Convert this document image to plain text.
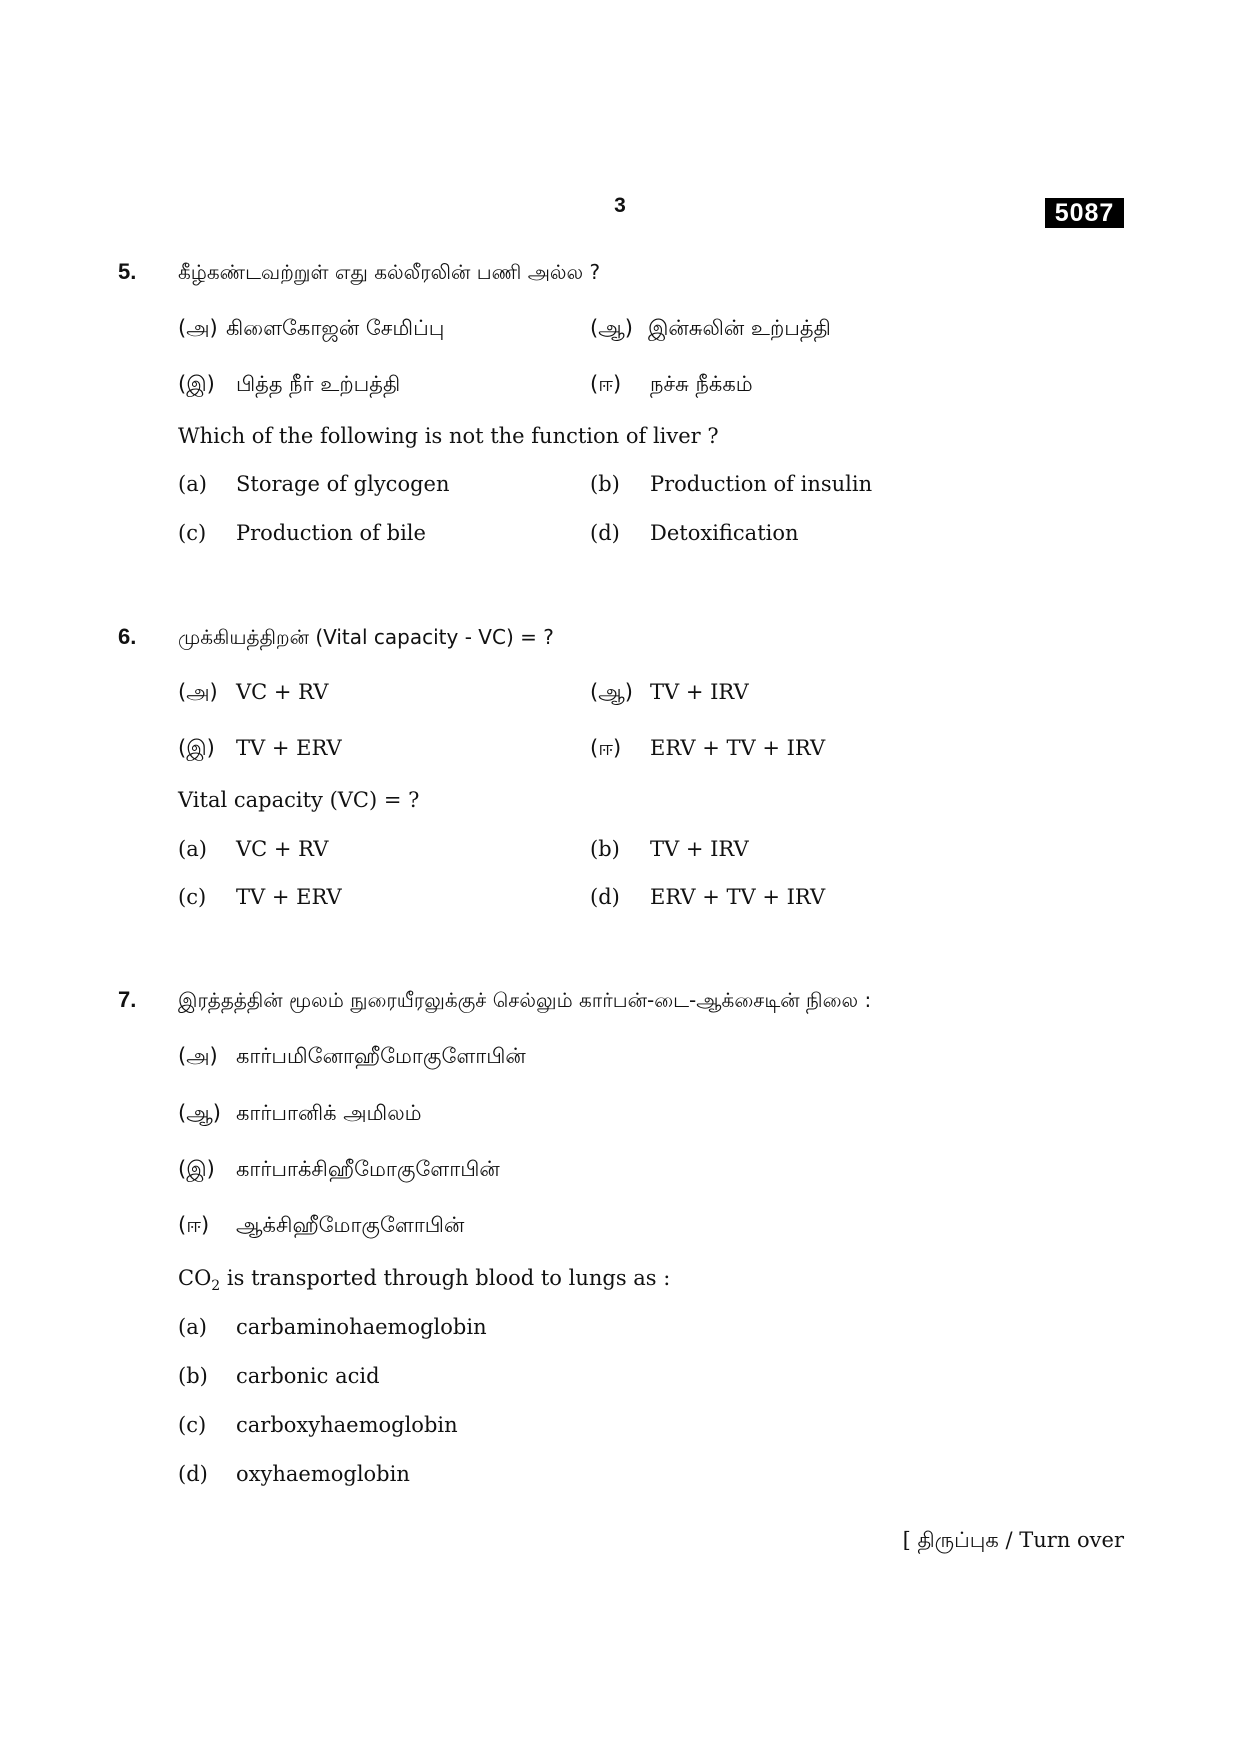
3	5087
5. கீழ்கண்டவற்றுள் எது கல்லீரலின் பணி அல்ல ?
(அ) கிளைகோஜன் சேமிப்பு	(ஆ) இன்சுலின் உற்பத்தி
(இ) பித்த நீர் உற்பத்தி	(ஈ) நச்சு நீக்கம்
Which of the following is not the function of liver ?
(a) Storage of glycogen	(b) Production of insulin
(c) Production of bile	(d) Detoxification
6. முக்கியத்திறன் (Vital capacity - VC) = ?
(அ) VC + RV	(ஆ) TV + IRV
(இ) TV + ERV	(ஈ) ERV + TV + IRV
Vital capacity (VC) = ?
(a) VC + RV	(b) TV + IRV
(c) TV + ERV	(d) ERV + TV + IRV
7. இரத்தத்தின் மூலம் நுரையீரலுக்குச் செல்லும் கார்பன்-டை-ஆக்சைடின் நிலை :
(அ) கார்பமினோஹீமோகுளோபின்
(ஆ) கார்பானிக் அமிலம்
(இ) கார்பாக்சிஹீமோகுளோபின்
(ஈ) ஆக்சிஹீமோகுளோபின்
$CO_2$ is transported through blood to lungs as :
(a) carbaminohaemoglobin
(b) carbonic acid
(c) carboxyhaemoglobin
(d) oxyhaemoglobin
[ திருப்புக / Turn over
